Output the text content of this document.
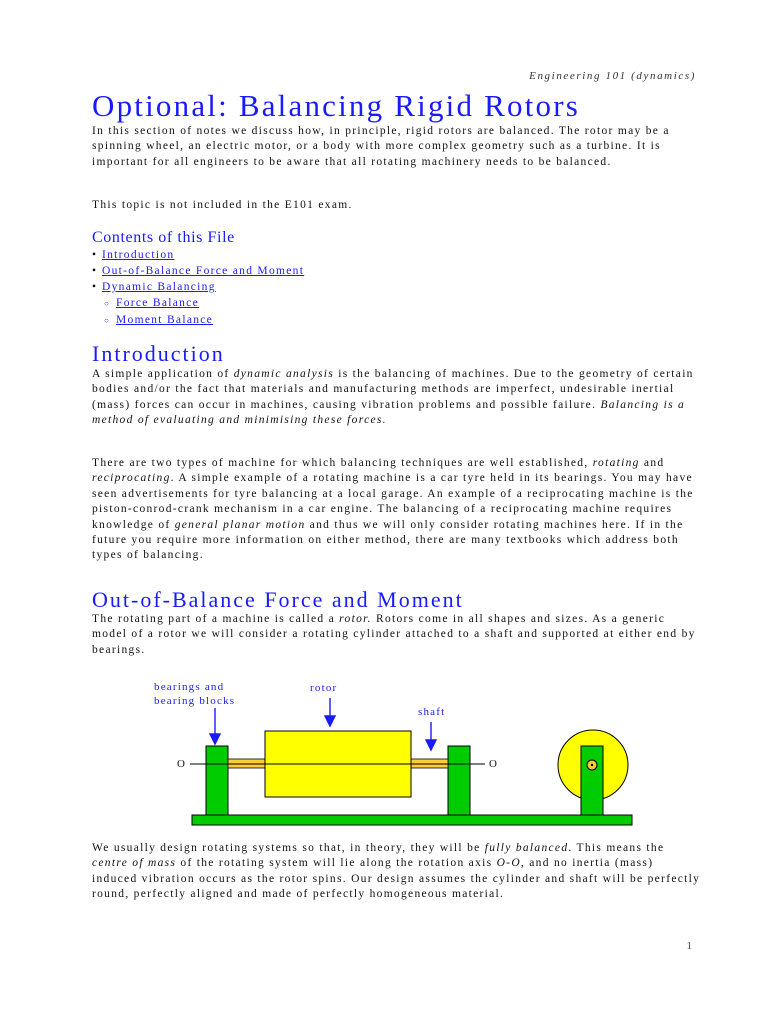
Engineering 101 (dynamics)
Optional: Balancing Rigid Rotors

In this section of notes we discuss how, in principle, rigid rotors are balanced. The rotor may be a spinning wheel, an electric motor, or a body with more complex geometry such as a turbine. It is important for all engineers to be aware that all rotating machinery needs to be balanced.

This topic is not included in the E101 exam.

Contents of this File
• Introduction
• Out-of-Balance Force and Moment
• Dynamic Balancing
○ Force Balance
○ Moment Balance
Introduction

A simple application of dynamic analysis is the balancing of machines. Due to the geometry of certain bodies and/or the fact that materials and manufacturing methods are imperfect, undesirable inertial (mass) forces can occur in machines, causing vibration problems and possible failure. Balancing is a method of evaluating and minimising these forces.

There are two types of machine for which balancing techniques are well established, rotating and reciprocating. A simple example of a rotating machine is a car tyre held in its bearings. You may have seen advertisements for tyre balancing at a local garage. An example of a reciprocating machine is the piston-conrod-crank mechanism in a car engine. The balancing of a reciprocating machine requires knowledge of general planar motion and thus we will only consider rotating machines here. If in the future you require more information on either method, there are many textbooks which address both types of balancing.

Out-of-Balance Force and Moment

The rotating part of a machine is called a rotor. Rotors come in all shapes and sizes. As a generic model of a rotor we will consider a rotating cylinder attached to a shaft and supported at either end by bearings.

We usually design rotating systems so that, in theory, they will be fully balanced. This means the centre of mass of the rotating system will lie along the rotation axis O-O, and no inertia (mass) induced vibration occurs as the rotor spins. Our design assumes the cylinder and shaft will be perfectly round, perfectly aligned and made of perfectly homogeneous material.

O	O
bearings and
bearing blocks
rotor
shaft
1
